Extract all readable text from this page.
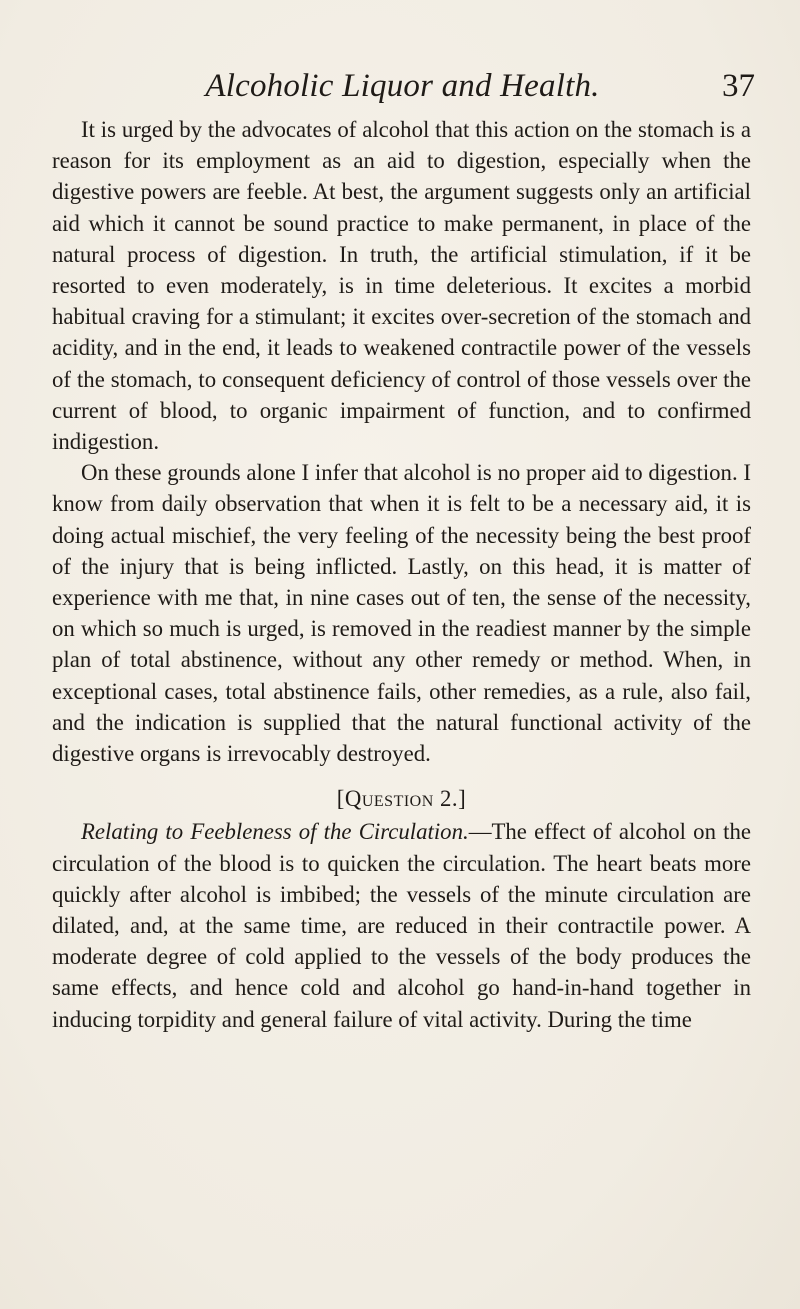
Alcoholic Liquor and Health.	37

It is urged by the advocates of alcohol that this action on the stomach is a reason for its employment as an aid to digestion, especially when the digestive powers are feeble. At best, the argument suggests only an artificial aid which it cannot be sound practice to make permanent, in place of the natural process of digestion. In truth, the artificial stimulation, if it be resorted to even moderately, is in time deleterious. It excites a morbid habitual craving for a stimulant; it excites over-secretion of the stomach and acidity, and in the end, it leads to weakened contractile power of the vessels of the stomach, to consequent deficiency of control of those vessels over the current of blood, to organic impairment of function, and to confirmed indigestion.

On these grounds alone I infer that alcohol is no proper aid to digestion. I know from daily observation that when it is felt to be a necessary aid, it is doing actual mischief, the very feeling of the necessity being the best proof of the injury that is being inflicted. Lastly, on this head, it is matter of experience with me that, in nine cases out of ten, the sense of the necessity, on which so much is urged, is removed in the readiest manner by the simple plan of total abstinence, without any other remedy or method. When, in exceptional cases, total abstinence fails, other remedies, as a rule, also fail, and the indication is supplied that the natural functional activity of the digestive organs is irrevocably destroyed.

[Question 2.]

Relating to Feebleness of the Circulation.—The effect of alcohol on the circulation of the blood is to quicken the circulation. The heart beats more quickly after alcohol is imbibed; the vessels of the minute circulation are dilated, and, at the same time, are reduced in their contractile power. A moderate degree of cold applied to the vessels of the body produces the same effects, and hence cold and alcohol go hand-in-hand together in inducing torpidity and general failure of vital activity. During the time
